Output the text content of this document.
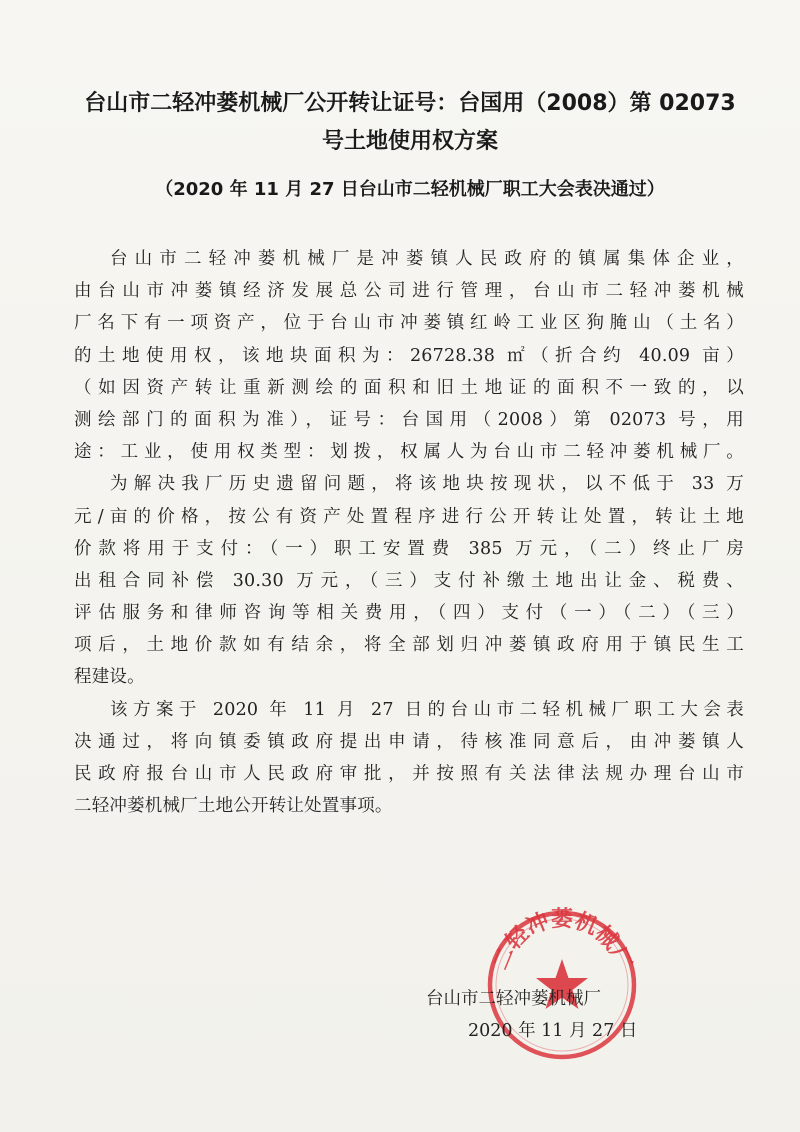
台山市二轻冲蒌机械厂公开转让证号：台国用（2008）第 02073
号土地使用权方案
（2020 年 11 月 27 日台山市二轻机械厂职工大会表决通过）
台山市二轻冲蒌机械厂是冲蒌镇人民政府的镇属集体企业，
由台山市冲蒌镇经济发展总公司进行管理，台山市二轻冲蒌机械
厂名下有一项资产，位于台山市冲蒌镇红岭工业区狗腌山（土名）
的土地使用权，该地块面积为：26728.38 ㎡（折合约 40.09 亩）
（如因资产转让重新测绘的面积和旧土地证的面积不一致的，以
测绘部门的面积为准），证号：台国用（2008）第 02073 号，用
途：工业，使用权类型：划拨，权属人为台山市二轻冲蒌机械厂。
为解决我厂历史遗留问题，将该地块按现状，以不低于 33 万
元/亩的价格，按公有资产处置程序进行公开转让处置，转让土地
价款将用于支付：（一）职工安置费 385 万元，（二）终止厂房
出租合同补偿 30.30 万元，（三）支付补缴土地出让金、税费、
评估服务和律师咨询等相关费用，（四）支付（一）（二）（三）
项后，土地价款如有结余，将全部划归冲蒌镇政府用于镇民生工
程建设。
该方案于 2020 年 11 月 27 日的台山市二轻机械厂职工大会表
决通过，将向镇委镇政府提出申请，待核准同意后，由冲蒌镇人
民政府报台山市人民政府审批，并按照有关法律法规办理台山市
二轻冲蒌机械厂土地公开转让处置事项。
二轻冲蒌机械厂
台山市二轻冲蒌机械厂
2020 年 11 月 27 日
